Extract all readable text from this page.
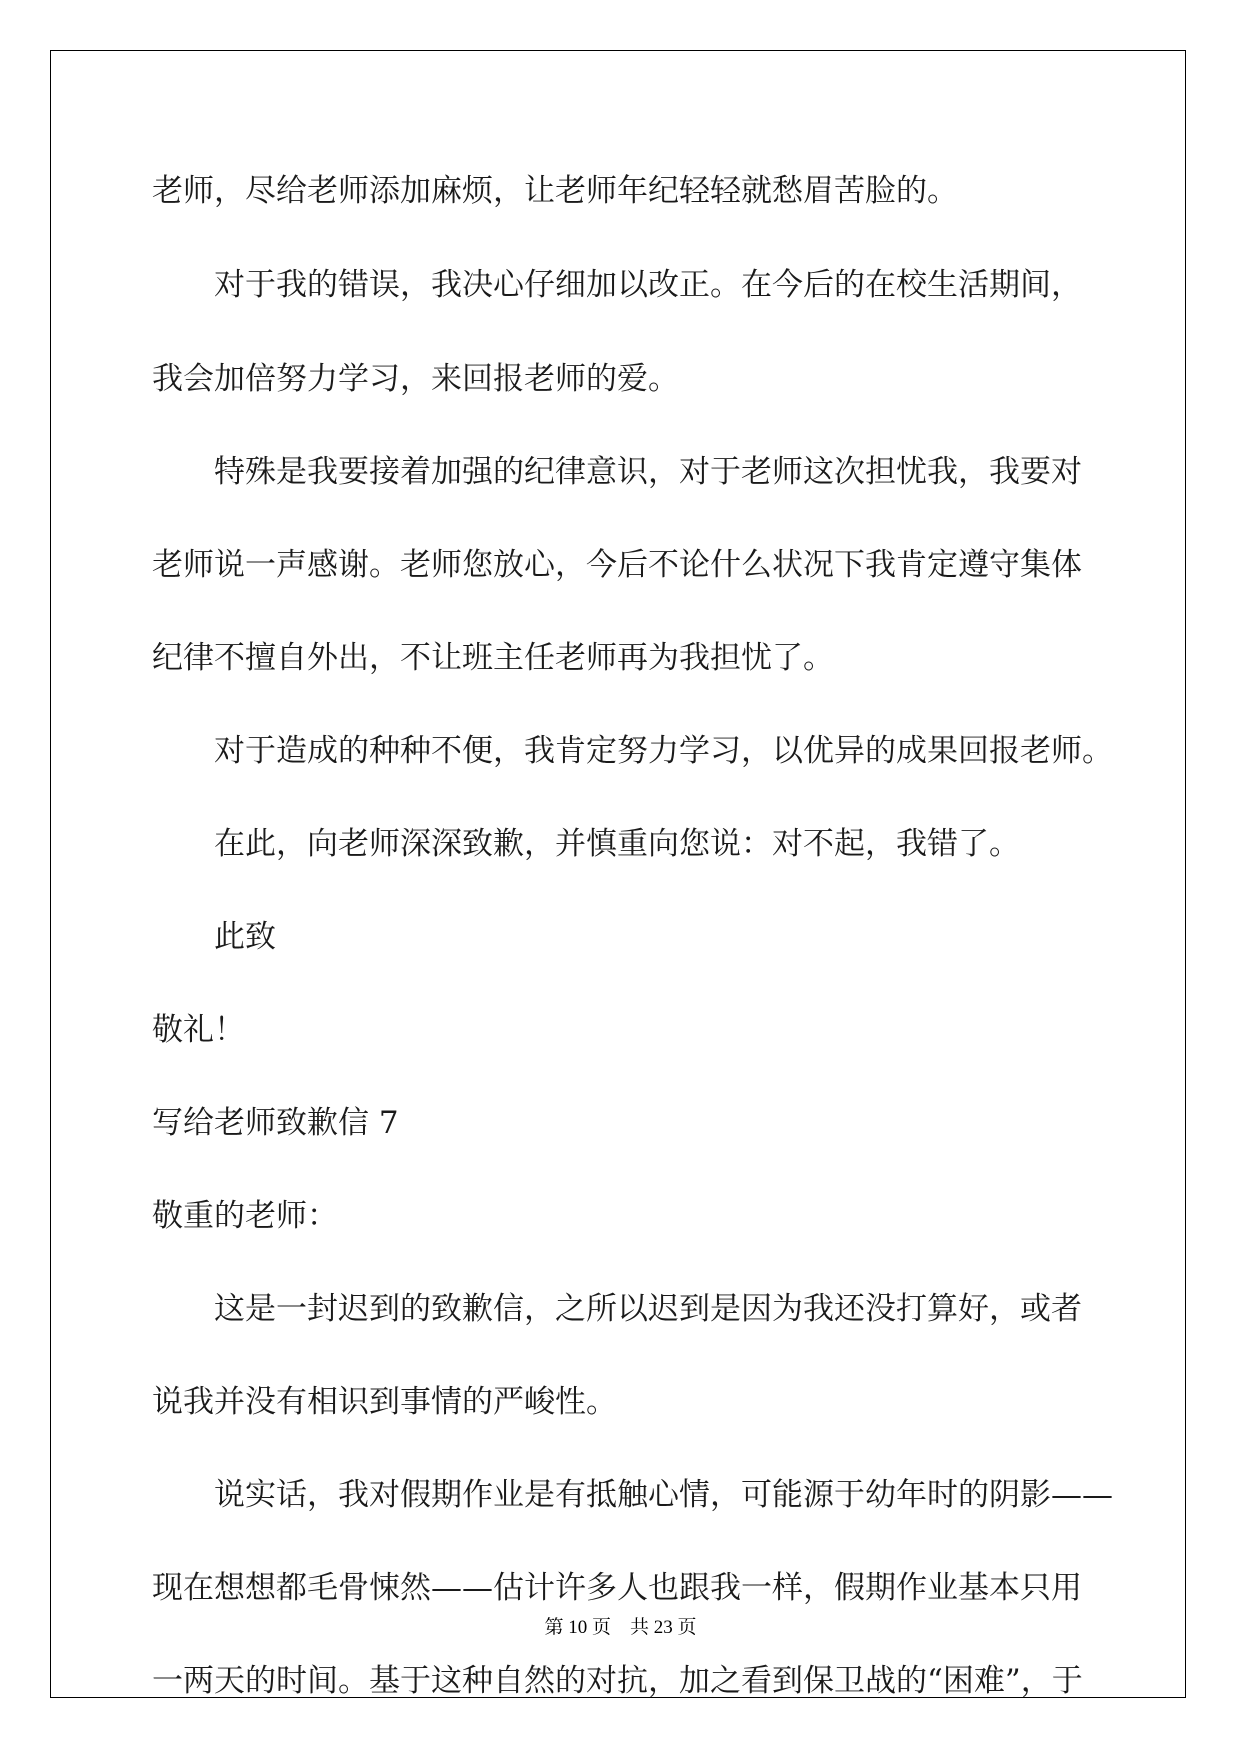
老师，尽给老师添加麻烦，让老师年纪轻轻就愁眉苦脸的。
对于我的错误，我决心仔细加以改正。在今后的在校生活期间，
我会加倍努力学习，来回报老师的爱。
特殊是我要接着加强的纪律意识，对于老师这次担忧我，我要对
老师说一声感谢。老师您放心，今后不论什么状况下我肯定遵守集体
纪律不擅自外出，不让班主任老师再为我担忧了。
对于造成的种种不便，我肯定努力学习，以优异的成果回报老师。
在此，向老师深深致歉，并慎重向您说：对不起，我错了。
此致
敬礼！
写给老师致歉信 7
敬重的老师：
这是一封迟到的致歉信，之所以迟到是因为我还没打算好，或者
说我并没有相识到事情的严峻性。
说实话，我对假期作业是有抵触心情，可能源于幼年时的阴影——
现在想想都毛骨悚然——估计许多人也跟我一样，假期作业基本只用
一两天的时间。基于这种自然的对抗，加之看到保卫战的“困难”，于
第 10 页　共 23 页
